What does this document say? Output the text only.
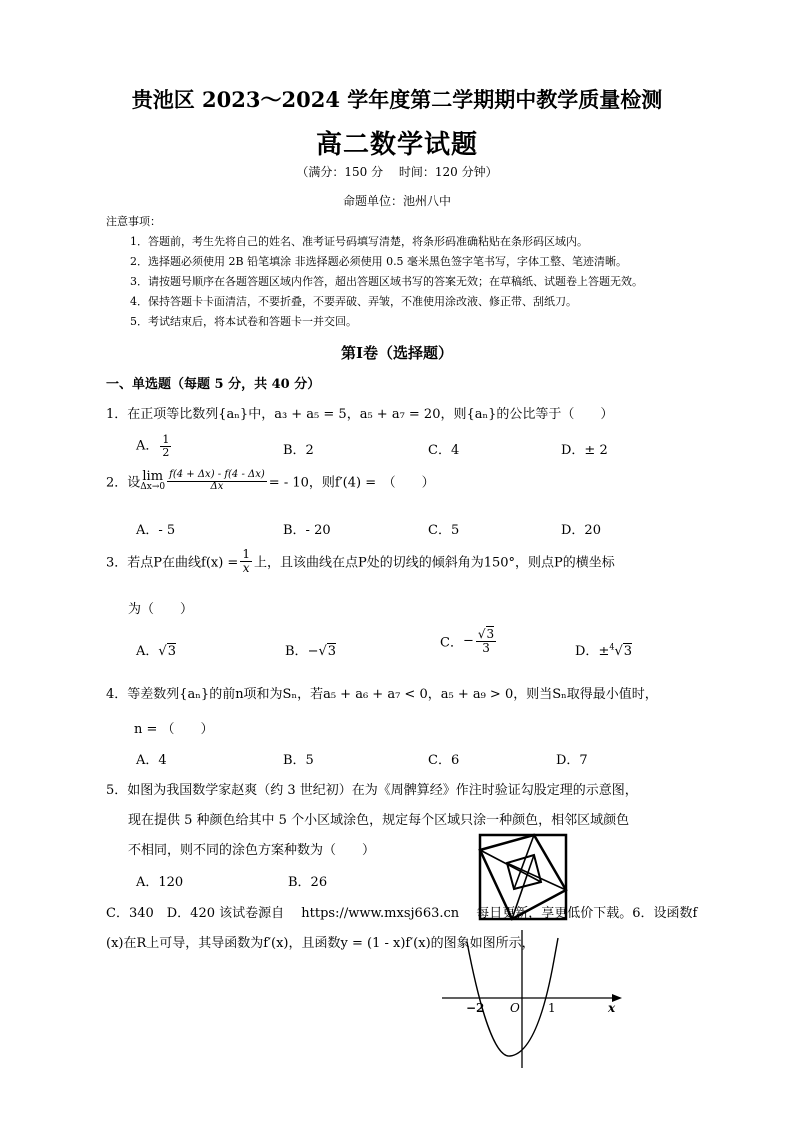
贵池区 2023～2024 学年度第二学期期中教学质量检测
高二数学试题
（满分：150 分　 时间：120 分钟）
命题单位：池州八中
注意事项：
1．答题前，考生先将自己的姓名、准考证号码填写清楚，将条形码准确粘贴在条形码区域内。
2．选择题必须使用 2B 铅笔填涂 非选择题必须使用 0.5 毫米黑色签字笔书写，字体工整、笔迹清晰。
3．请按题号顺序在各题答题区域内作答，超出答题区域书写的答案无效；在草稿纸、试题卷上答题无效。
4．保持答题卡卡面清洁，不要折叠，不要弄破、弄皱，不准使用涂改液、修正带、刮纸刀。
5．考试结束后，将本试卷和答题卡一并交回。
第Ⅰ卷（选择题）
一、单选题（每题 5 分，共 40 分）
1．在正项等比数列{aₙ}中，a₃ + a₅ = 5，a₅ + a₇ = 20，则{aₙ}的公比等于（　　）
A． $\frac{1}{2}$	B．2	C．4	D．± 2
2．设 lim
$\Delta x\to 0 \frac{f(4 + \Delta x) - f(4 - \Delta x)}{\Delta x}$ = - 10，则f′(4) =　（　　）
A．- 5	B．- 20	C．5	D．20
3．若点P在曲线$f(x) = \frac{1}{x}$ 上，且该曲线在点P处的切线的倾斜角为150°，则点P的横坐标
为（　　）
A．√3	B．−√3
C．− $\frac{√3}{3}$	D．±$^4$√3
4．等差数列{aₙ}的前n项和为Sₙ，若a₅ + a₆ + a₇ < 0，a₅ + a₉ > 0，则当Sₙ取得最小值时，
n = （　　）
A．4	B．5	C．6	D．7
5．如图为我国数学家赵爽（约 3 世纪初）在为《周髀算经》作注时验证勾股定理的示意图，
现在提供 5 种颜色给其中 5 个小区域涂色，规定每个区域只涂一种颜色，相邻区域颜色
不相同，则不同的涂色方案种数为（　　）
A．120	B．26
C．340　D．420 该试卷源自　 https://www.mxsj663.cn　 每日更新，享更低价下载。6．设函数f
(x)在R上可导，其导函数为f′(x)，且函数y = (1 - x)f′(x)的图象如图所示，
−2 O 1	x
